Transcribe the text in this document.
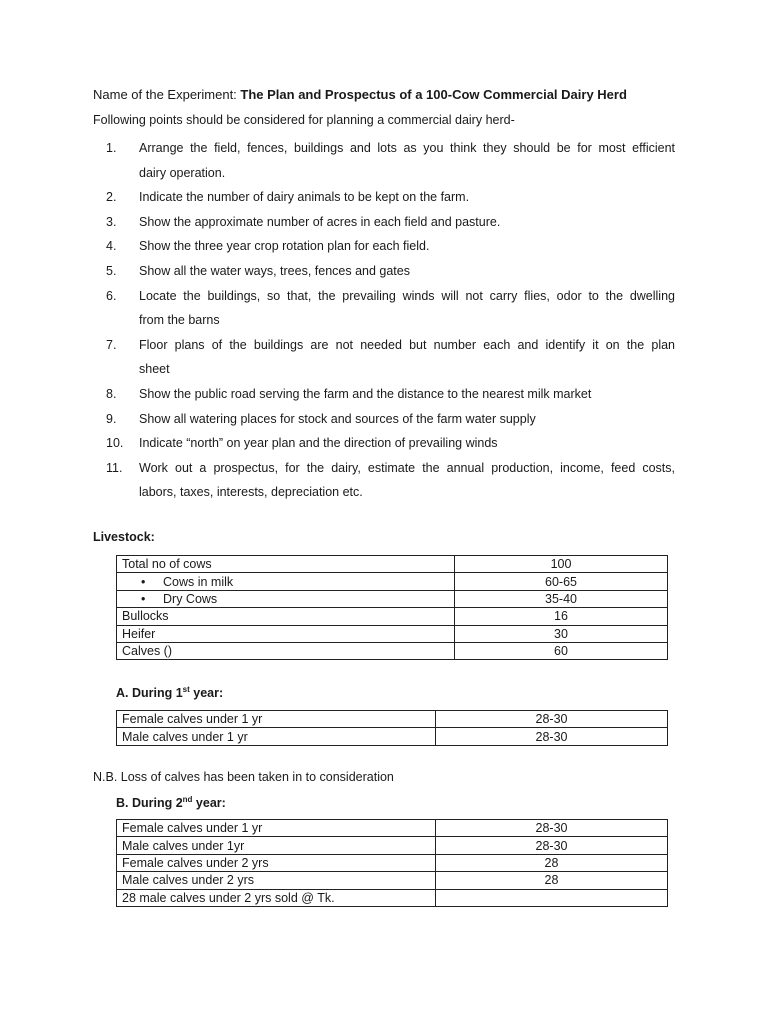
Name of the Experiment: The Plan and Prospectus of a 100-Cow Commercial Dairy Herd
Following points should be considered for planning a commercial dairy herd-
1.	Arrange the field, fences, buildings and lots as you think they should be for most efficient
dairy operation.
2.	Indicate the number of dairy animals to be kept on the farm.
3.	Show the approximate number of acres in each field and pasture.
4.	Show the three year crop rotation plan for each field.
5.	Show all the water ways, trees, fences and gates
6.	Locate the buildings, so that, the prevailing winds will not carry flies, odor to the dwelling
from the barns
7.	Floor plans of the buildings are not needed but number each and identify it on the plan
sheet
8.	Show the public road serving the farm and the distance to the nearest milk market
9.	Show all watering places for stock and sources of the farm water supply
10.	Indicate “north” on year plan and the direction of prevailing winds
11.	Work out a prospectus, for the dairy, estimate the annual production, income, feed costs,
labors, taxes, interests, depreciation etc.
Livestock:
Total no of cows	100
• Cows in milk	60-65
• Dry Cows	35-40
Bullocks	16
Heifer	30
Calves ()	60
A. During 1st year:
Female calves under 1 yr	28-30
Male calves under 1 yr	28-30
N.B. Loss of calves has been taken in to consideration
B. During 2nd year:
Female calves under 1 yr	28-30
Male calves under 1yr	28-30
Female calves under 2 yrs	28
Male calves under 2 yrs	28
28 male calves under 2 yrs sold @ Tk.	
